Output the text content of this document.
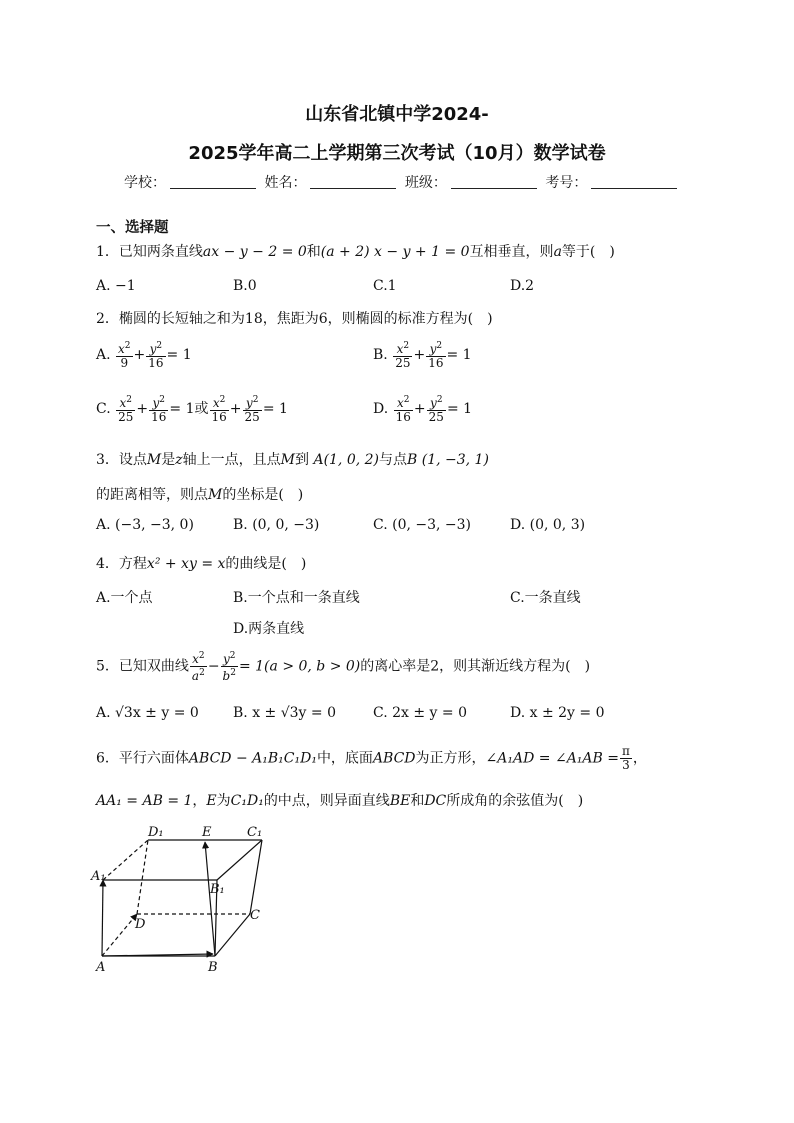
山东省北镇中学2024-
2025学年高二上学期第三次考试（10月）数学试卷
学校：	姓名：	班级：	考号：
一、选择题
1．已知两条直线ax − y − 2 = 0和(a + 2) x − y + 1 = 0互相垂直，则a等于(　)
A. −1	B.0	C.1	D.2
2．椭圆的长短轴之和为18，焦距为6，则椭圆的标准方程为(　)
A. $\frac{x^2}{9} + \frac{y^2}{16} = 1$	B. $\frac{x^2}{25} + \frac{y^2}{16} = 1$
C. $\frac{x^2}{25} + \frac{y^2}{16} = 1$或 $\frac{x^2}{16} + \frac{y^2}{25} = 1$	D. $\frac{x^2}{16} + \frac{y^2}{25} = 1$
3．设点M是z轴上一点，且点M到 A(1, 0, 2)与点B (1, −3, 1)
的距离相等，则点M的坐标是(　)
A. (−3, −3, 0)	B. (0, 0, −3)	C. (0, −3, −3)	D. (0, 0, 3)
4．方程x² + xy = x的曲线是(　)
A.一个点	B.一个点和一条直线	C.一条直线
D.两条直线
5．已知双曲线 $\frac{x^2}{a^2} - \frac{y^2}{b^2} = 1(a > 0$, b > 0)的离心率是2，则其渐近线方程为(　)
A. √3x ± y = 0 B. x ± √3y = 0	C. 2x ± y = 0	D. x ± 2y = 0
6．平行六面体ABCD − A₁B₁C₁D₁中，底面ABCD为正方形，∠A₁AD = ∠A₁AB = $\frac{\pi}{3}$ ，
AA₁ = AB = 1，E为C₁D₁的中点，则异面直线BE和DC所成角的余弦值为(　)
D₁	E	C₁
A₁
B₁
D
C
A	B
